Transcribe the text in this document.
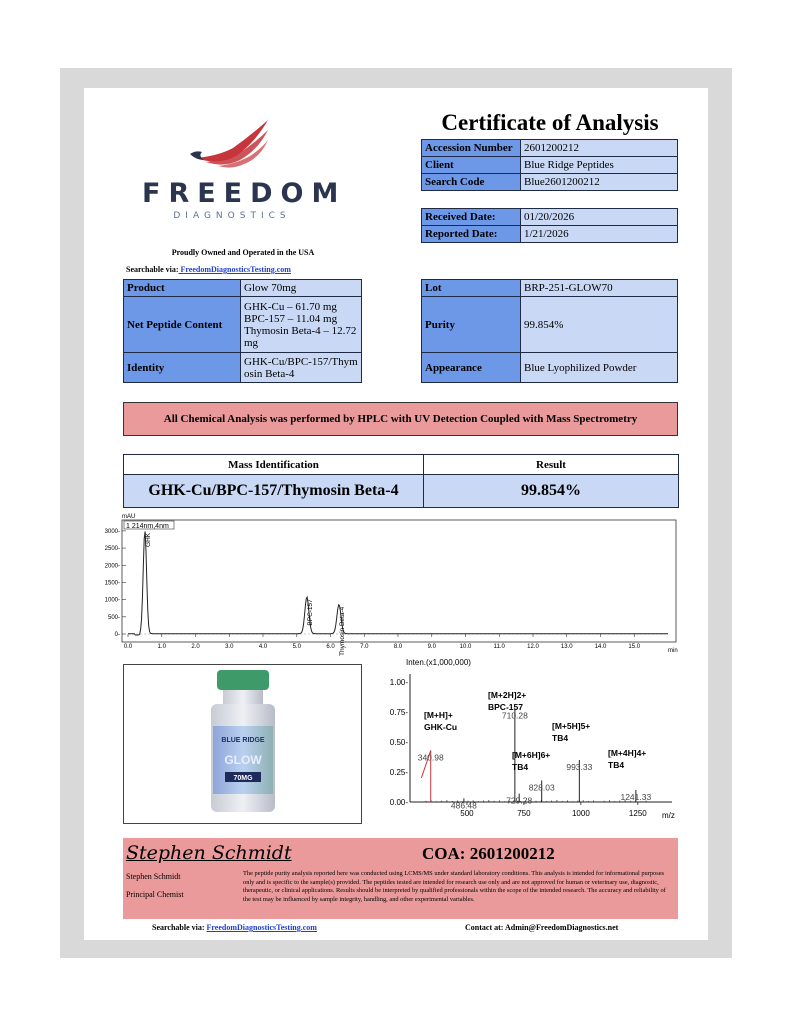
FREEDOM
DIAGNOSTICS
Proudly Owned and Operated in the USA
Searchable via: FreedomDiagnosticsTesting.com
Certificate of Analysis
Accession Number	2601200212
Client	Blue Ridge Peptides
Search Code	Blue2601200212
Received Date:	01/20/2026
Reported Date:	1/21/2026
Product	Glow 70mg
Net Peptide Content	GHK-Cu – 61.70 mg
BPC-157 – 11.04 mg
Thymosin Beta-4 – 12.72
mg

Identity	GHK-Cu/BPC-157/Thym
osin Beta-4
Lot	BRP-251-GLOW70
Purity	99.854%
Appearance	Blue Lyophilized Powder
All Chemical Analysis was performed by HPLC with UV Detection Coupled with Mass Spectrometry
Mass Identification	Result
GHK-Cu/BPC-157/Thymosin Beta-4	99.854%
1 214nm,4nm
mAU
min
0-
500-
1000-
1500-
2000-
2500-
3000-
0.0	1.0	2.0	3.0	4.0	5.0	6.0	7.0	8.0	9.0	10.0	11.0	12.0	13.0	14.0	15.0
GHK
BPC-157	Thymosin Beta-4
BLUE RIDGE
GLOW
70MG
Inten.(x1,000,000)
m/z
1.00-
0.75-
0.50-
0.25-
0.00-
500	750	1000	1250
340.98
486.48
710.28
729.28
828.03
993.33
1241.33
[M+H]+
GHK-Cu
[M+2H]2+
BPC-157
[M+5H]5+
TB4
[M+6H]6+
TB4
[M+4H]4+
TB4
Stephen Schmidt	COA: 2601200212
Stephen Schmidt
Principal Chemist
The peptide purity analysis reported here was conducted using LCMS/MS under standard laboratory conditions. This analysis is intended for informational purposes only and is specific to the sample(s) provided. The peptides tested are intended for research use only and are not approved for human or veterinary use, diagnostic, therapeutic, or clinical applications. Results should be interpreted by qualified professionals within the scope of the intended research. The accuracy and reliability of the test may be influenced by sample integrity, handling, and other experimental variables.
Searchable via: FreedomDiagnosticsTesting.com	Contact at: Admin@FreedomDiagnostics.net
